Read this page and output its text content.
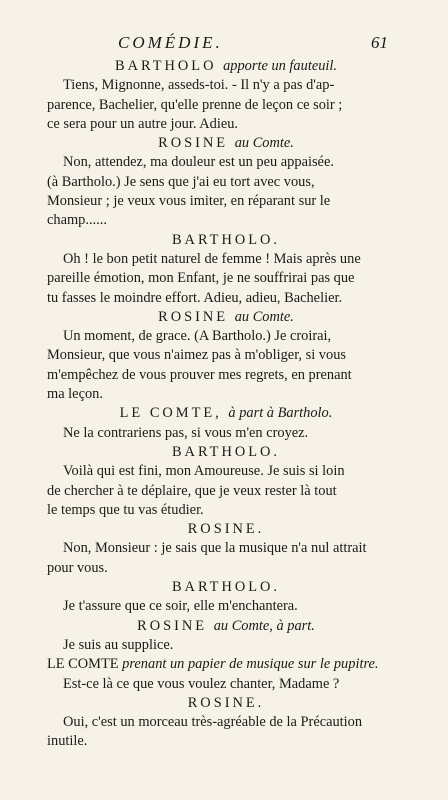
COMÉDIE.	61
BARTHOLO apporte un fauteuil.
Tiens, Mignonne, asseds-toi. - Il n'y a pas d'ap-
parence, Bachelier, qu'elle prenne de leçon ce soir ;
ce sera pour un autre jour. Adieu.
ROSINE au Comte.
Non, attendez, ma douleur est un peu appaisée.
(à Bartholo.) Je sens que j'ai eu tort avec vous,
Monsieur ; je veux vous imiter, en réparant sur le
champ......
BARTHOLO.
Oh ! le bon petit naturel de femme ! Mais après une
pareille émotion, mon Enfant, je ne souffrirai pas que
tu fasses le moindre effort. Adieu, adieu, Bachelier.
ROSINE au Comte.
Un moment, de grace. (A Bartholo.) Je croirai,
Monsieur, que vous n'aimez pas à m'obliger, si vous
m'empêchez de vous prouver mes regrets, en prenant
ma leçon.
LE COMTE, à part à Bartholo.
Ne la contrariens pas, si vous m'en croyez.
BARTHOLO.
Voilà qui est fini, mon Amoureuse. Je suis si loin
de chercher à te déplaire, que je veux rester là tout
le temps que tu vas étudier.
ROSINE.
Non, Monsieur : je sais que la musique n'a nul attrait
pour vous.
BARTHOLO.
Je t'assure que ce soir, elle m'enchantera.
ROSINE au Comte, à part.
Je suis au supplice.
LE COMTE prenant un papier de musique sur le pupitre.
Est-ce là ce que vous voulez chanter, Madame ?
ROSINE.
Oui, c'est un morceau très-agréable de la Précaution
inutile.
